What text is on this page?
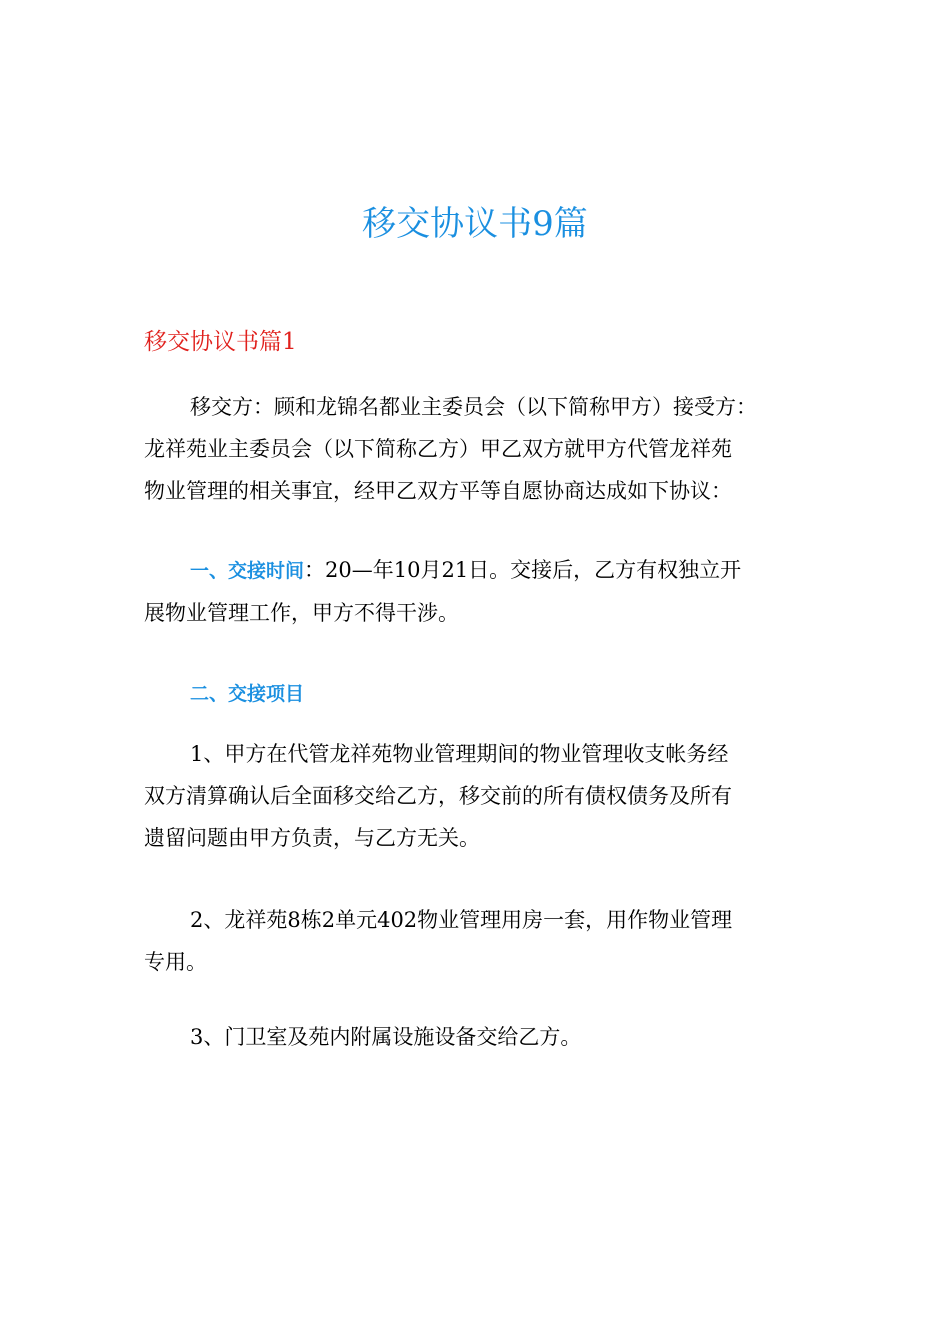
移交协议书9篇
移交协议书篇1

移交方：顾和龙锦名都业主委员会（以下简称甲方）接受方：
龙祥苑业主委员会（以下简称乙方）甲乙双方就甲方代管龙祥苑
物业管理的相关事宜，经甲乙双方平等自愿协商达成如下协议：

一、交接时间：20—年10月21日。交接后，乙方有权独立开
展物业管理工作，甲方不得干涉。

二、交接项目

1、甲方在代管龙祥苑物业管理期间的物业管理收支帐务经
双方清算确认后全面移交给乙方，移交前的所有债权债务及所有
遗留问题由甲方负责，与乙方无关。

2、龙祥苑8栋2单元402物业管理用房一套，用作物业管理
专用。

3、门卫室及苑内附属设施设备交给乙方。
